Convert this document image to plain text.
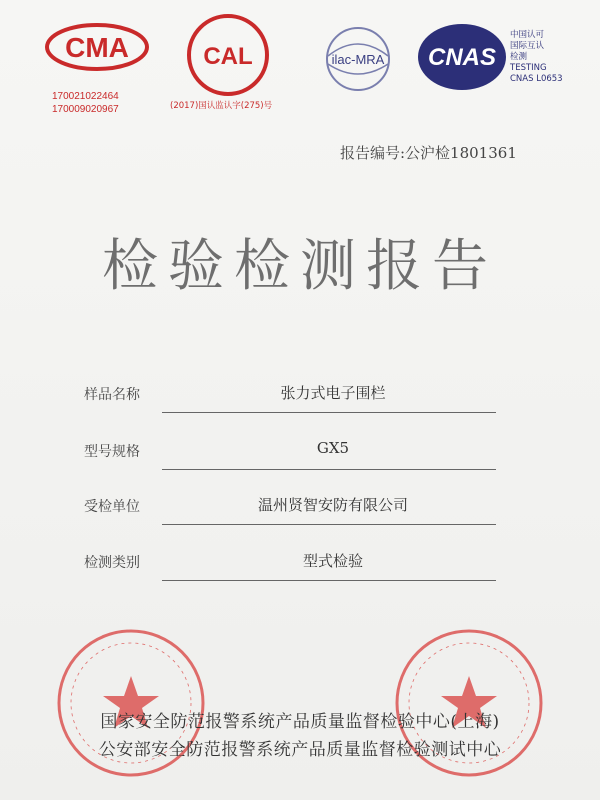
CMA
170021022464
170009020967
CAL
(2017)国认监认字(275)号
ilac-MRA CNAS
中国认可
国际互认
检测
TESTING
CNAS L0653
报告编号:公沪检1801361
检验检测报告
样品名称	张力式电子围栏
型号规格	GX5
受检单位	温州贤智安防有限公司
检测类别	型式检验
国家安全防范报警系统产品质量监督检验中心(上海)
公安部安全防范报警系统产品质量监督检验测试中心
